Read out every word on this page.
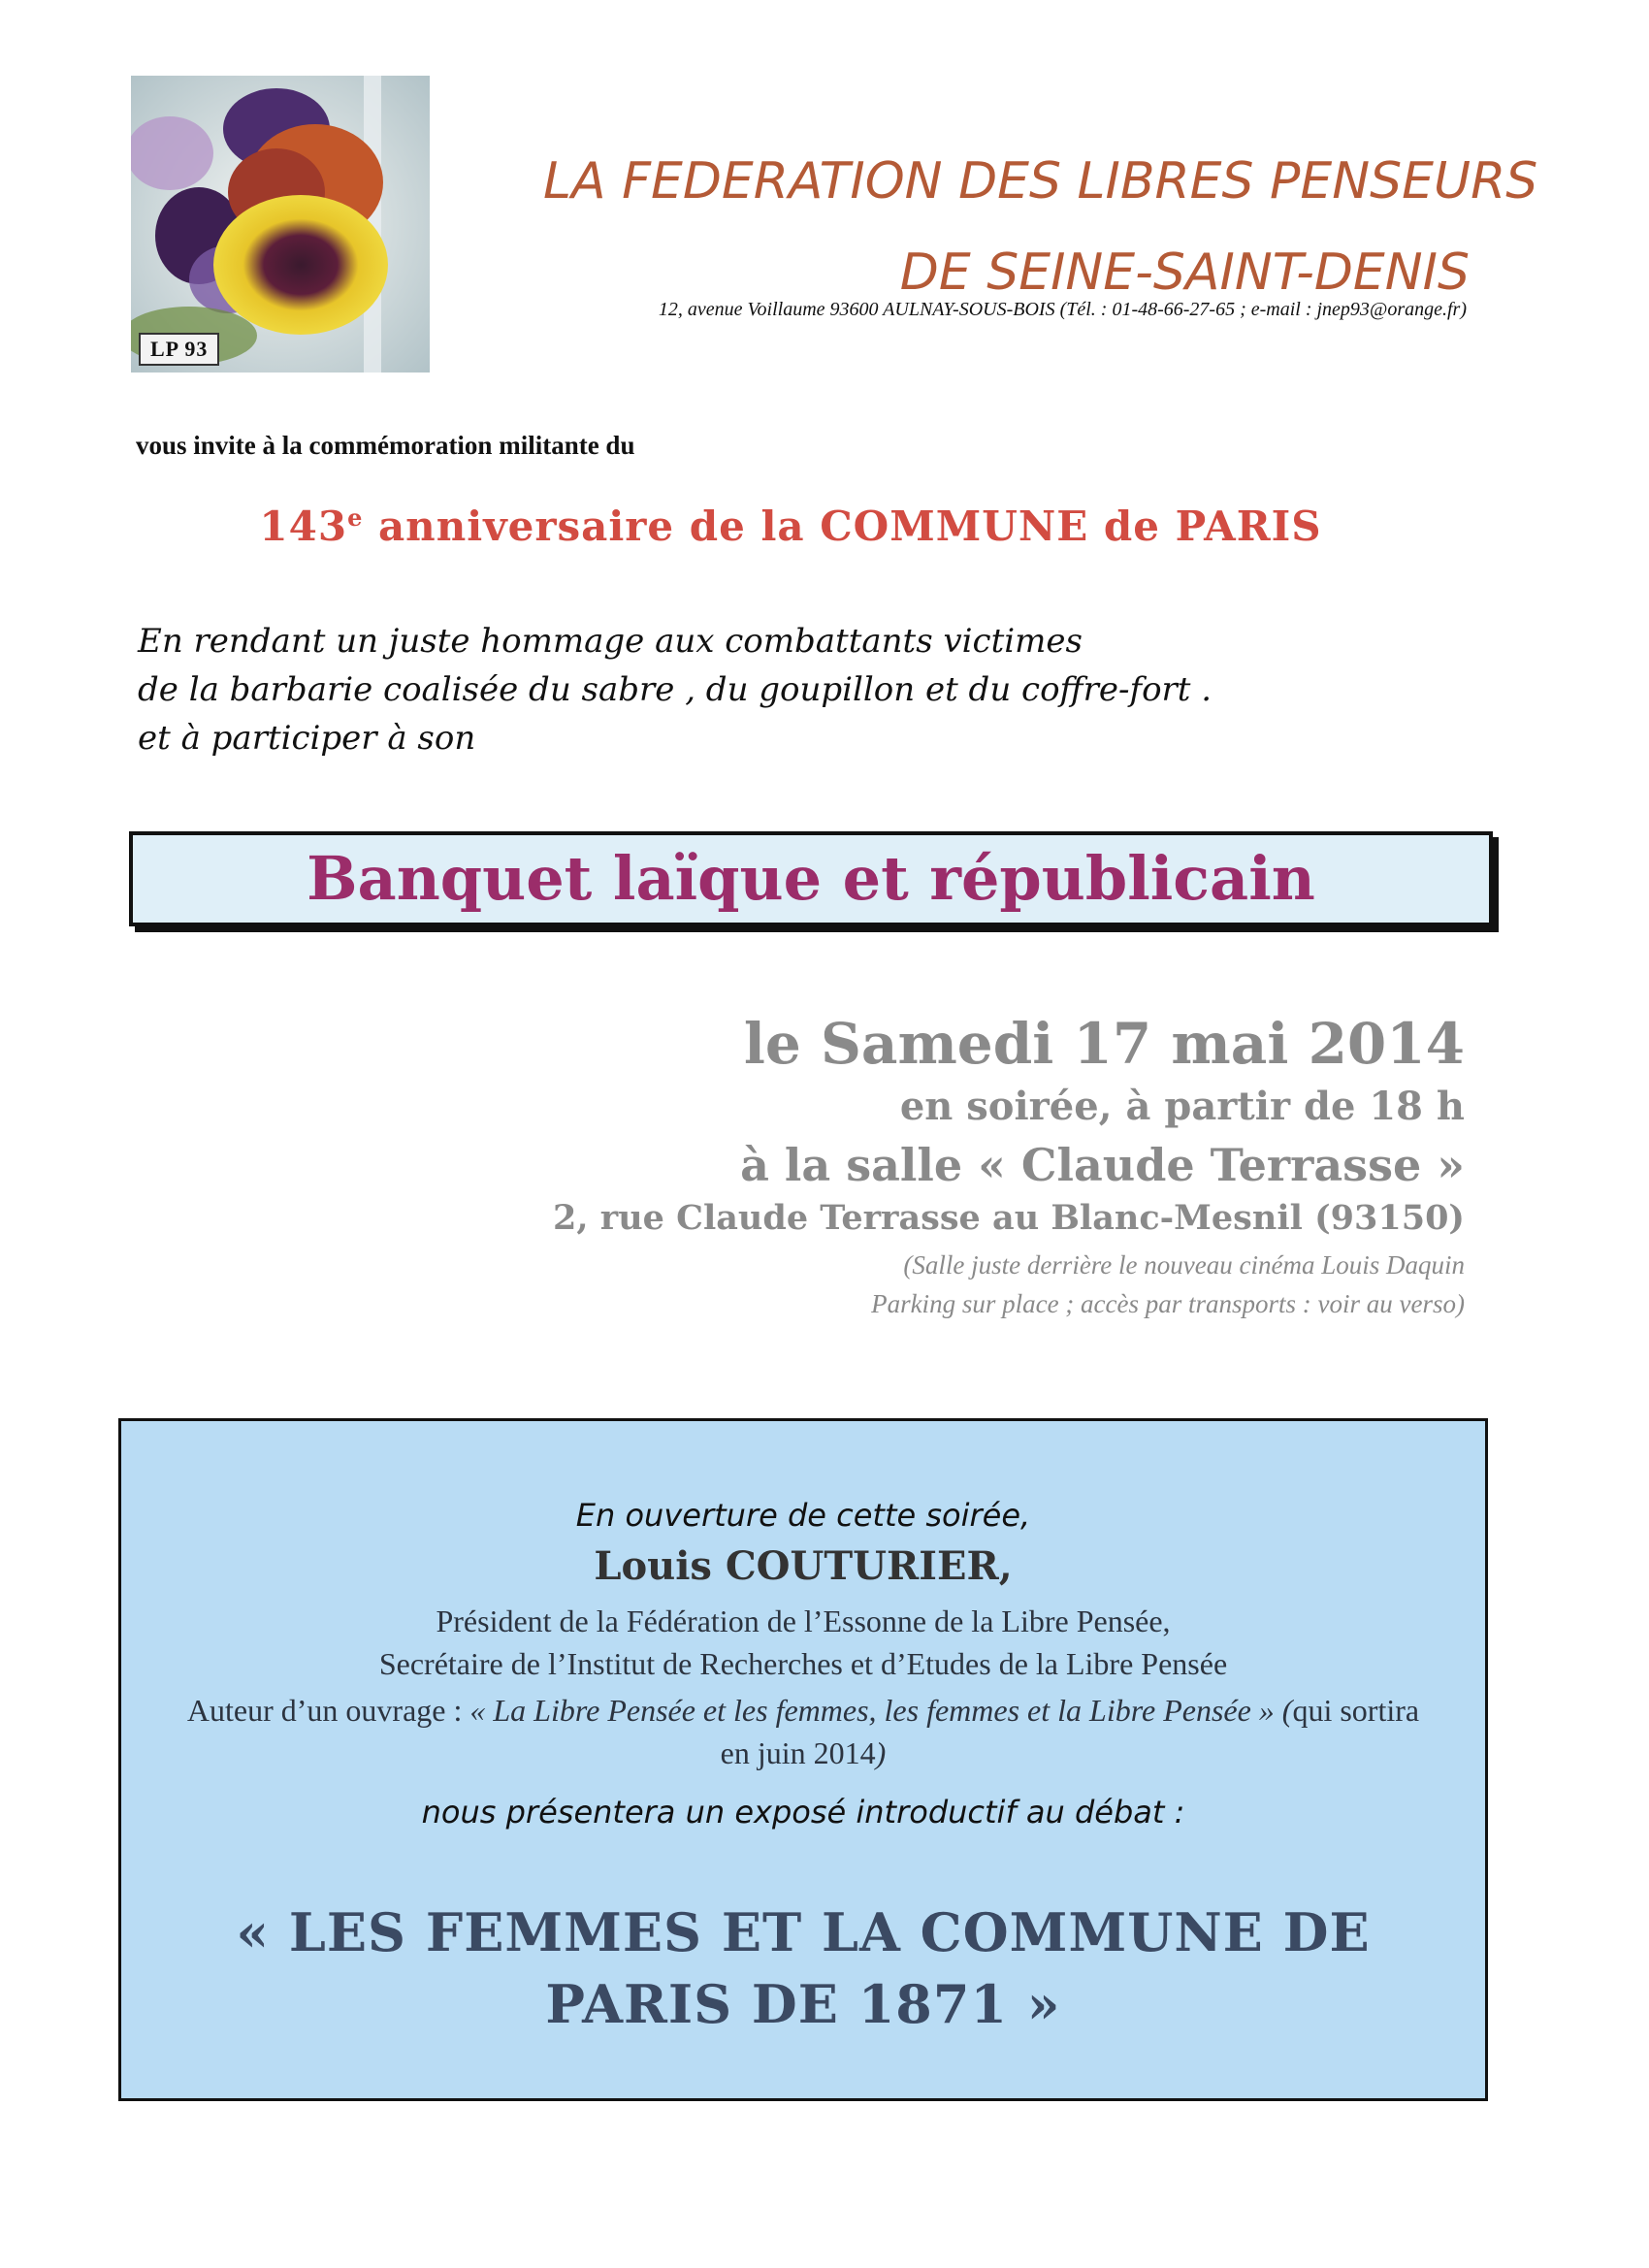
LP 93
LA FEDERATION DES LIBRES PENSEURS
DE SEINE-SAINT-DENIS
12, avenue Voillaume 93600 AULNAY-SOUS-BOIS (Tél. : 01-48-66-27-65 ; e-mail : jnep93@orange.fr)
vous invite à la commémoration militante du
143e anniversaire de la COMMUNE de PARIS
En rendant un juste hommage aux combattants victimes
de la barbarie coalisée du sabre , du goupillon et du coffre-fort .
et à participer à son
Banquet laïque et républicain
le Samedi 17 mai 2014
en soirée, à partir de 18 h
à la salle « Claude Terrasse »
2, rue Claude Terrasse au Blanc-Mesnil (93150)
(Salle juste derrière le nouveau cinéma Louis Daquin
Parking sur place ; accès par transports : voir au verso)
En ouverture de cette soirée,
Louis COUTURIER,
Président de la Fédération de l’Essonne de la Libre Pensée,
Secrétaire de l’Institut de Recherches et d’Etudes de la Libre Pensée
Auteur d’un ouvrage : « La Libre Pensée et les femmes, les femmes et la Libre Pensée » (qui sortira en juin 2014)
nous présentera un exposé introductif au débat :
« LES FEMMES ET LA COMMUNE DE
PARIS DE 1871 »
